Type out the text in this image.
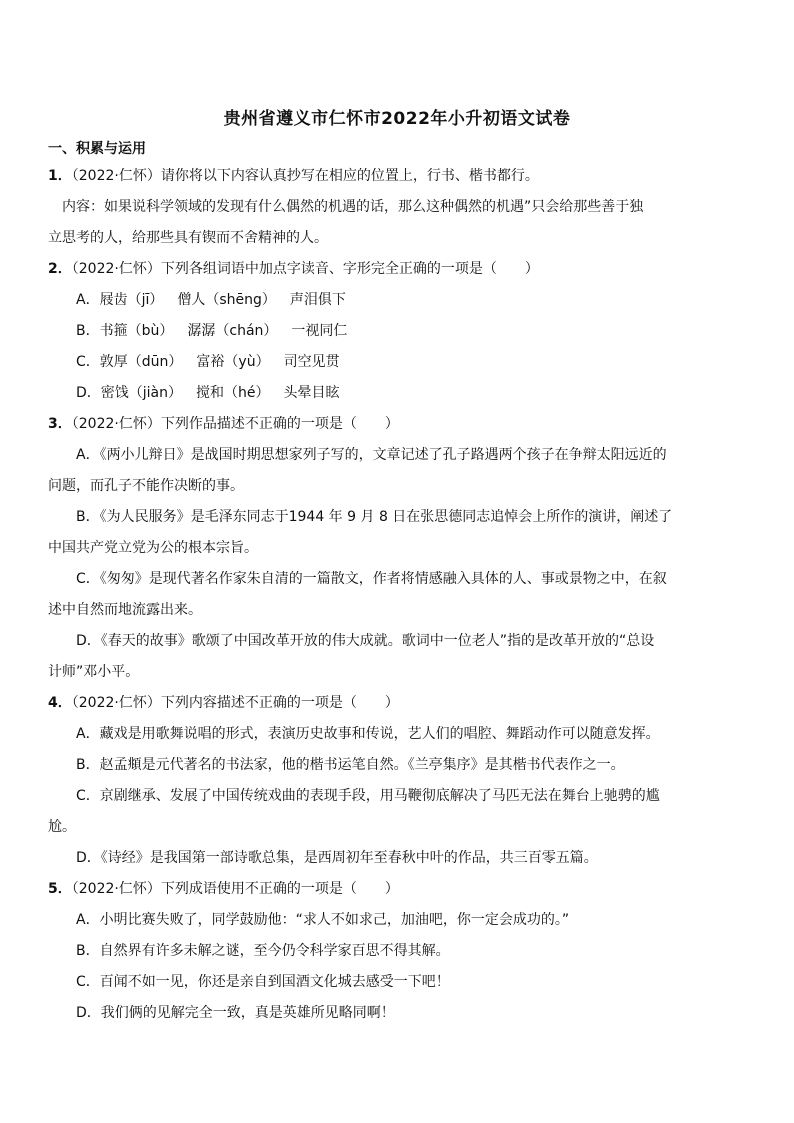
贵州省遵义市仁怀市2022年小升初语文试卷
一、积累与运用
1．（2022·仁怀）请你将以下内容认真抄写在相应的位置上，行书、楷书都行。
内容：如果说科学领域的发现有什么偶然的机遇的话，那么这种偶然的机遇”只会给那些善于独
立思考的人，给那些具有锲而不舍精神的人。
2．（2022·仁怀）下列各组词语中加点字读音、字形完全正确的一项是（　　）
A．屐齿（jī） 僧人（shēng） 声泪俱下
B．书箍（bù） 潺潺（chán） 一视同仁
C．敦厚（dūn） 富裕（yù） 司空见贯
D．密饯（jiàn） 搅和（hé） 头晕目眩
3．（2022·仁怀）下列作品描述不正确的一项是（　　）
A．《两小儿辩日》是战国时期思想家列子写的，文章记述了孔子路遇两个孩子在争辩太阳远近的
问题，而孔子不能作决断的事。
B．《为人民服务》是毛泽东同志于1944 年 9 月 8 日在张思德同志追悼会上所作的演讲，阐述了
中国共产党立党为公的根本宗旨。
C．《匆匆》是现代著名作家朱自清的一篇散文，作者将情感融入具体的人、事或景物之中，在叙
述中自然而地流露出来。
D．《春天的故事》歌颂了中国改革开放的伟大成就。歌词中一位老人”指的是改革开放的“总设
计师”邓小平。
4．（2022·仁怀）下列内容描述不正确的一项是（　　）
A．藏戏是用歌舞说唱的形式，表演历史故事和传说，艺人们的唱腔、舞蹈动作可以随意发挥。
B．赵孟頫是元代著名的书法家，他的楷书运笔自然。《兰亭集序》是其楷书代表作之一。
C．京剧继承、发展了中国传统戏曲的表现手段，用马鞭彻底解决了马匹无法在舞台上驰骋的尴
尬。
D．《诗经》是我国第一部诗歌总集，是西周初年至春秋中叶的作品，共三百零五篇。
5．（2022·仁怀）下列成语使用不正确的一项是（　　）
A．小明比赛失败了，同学鼓励他：“求人不如求己，加油吧，你一定会成功的。”
B．自然界有许多未解之谜，至今仍令科学家百思不得其解。
C．百闻不如一见，你还是亲自到国酒文化城去感受一下吧！
D．我们俩的见解完全一致，真是英雄所见略同啊！
